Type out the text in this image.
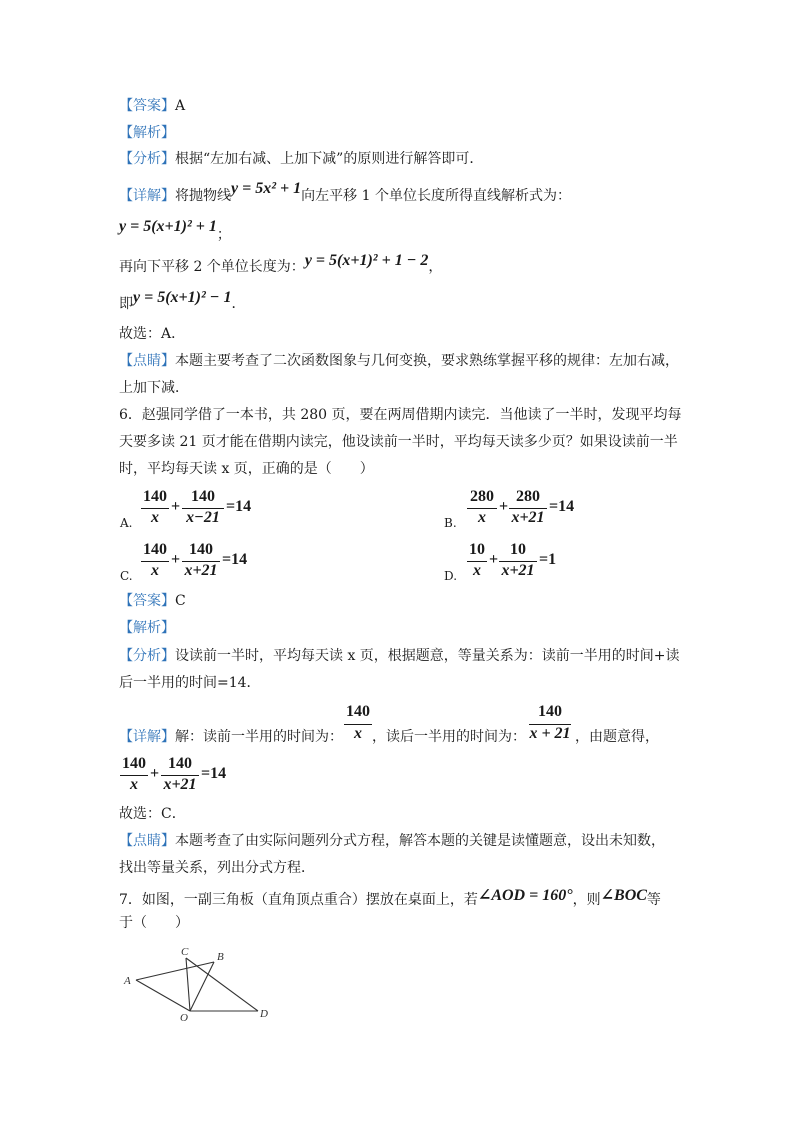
【答案】A
【解析】
【分析】根据“左加右减、上加下减”的原则进行解答即可．
【详解】将抛物线y = 5x² + 1向左平移 1 个单位长度所得直线解析式为：
y = 5(x+1)² + 1；
再向下平移 2 个单位长度为：y = 5(x+1)² + 1 − 2，
即y = 5(x+1)² − 1．
故选：A．
【点睛】本题主要考查了二次函数图象与几何变换，要求熟练掌握平移的规律：左加右减，
上加下减．
6．赵强同学借了一本书，共 280 页，要在两周借期内读完．当他读了一半时，发现平均每
天要多读 21 页才能在借期内读完，他设读前一半时，平均每天读多少页？如果设读前一半
时，平均每天读 x 页，正确的是（　　）
A.
140
x
+
140
x−21
=14
B.
280
x
+
280
x+21
=14
C.
140
x
+
140
x+21
=14
D.
10
x
+
10
x+21
=1
【答案】C
【解析】
【分析】设读前一半时，平均每天读 x 页，根据题意，等量关系为：读前一半用的时间+读
后一半用的时间=14．
【详解】解：读前一半用的时间为：
140
x ，读后一半用的时间为：
140
x + 21 ，由题意得，
140
x
+
140
x+21
=14
故选：C．
【点睛】本题考查了由实际问题列分式方程，解答本题的关键是读懂题意，设出未知数，
找出等量关系，列出分式方程．
7．如图，一副三角板（直角顶点重合）摆放在桌面上，若∠AOD = 160°，则∠BOC等
于（　　）
A
B
C
D
O
